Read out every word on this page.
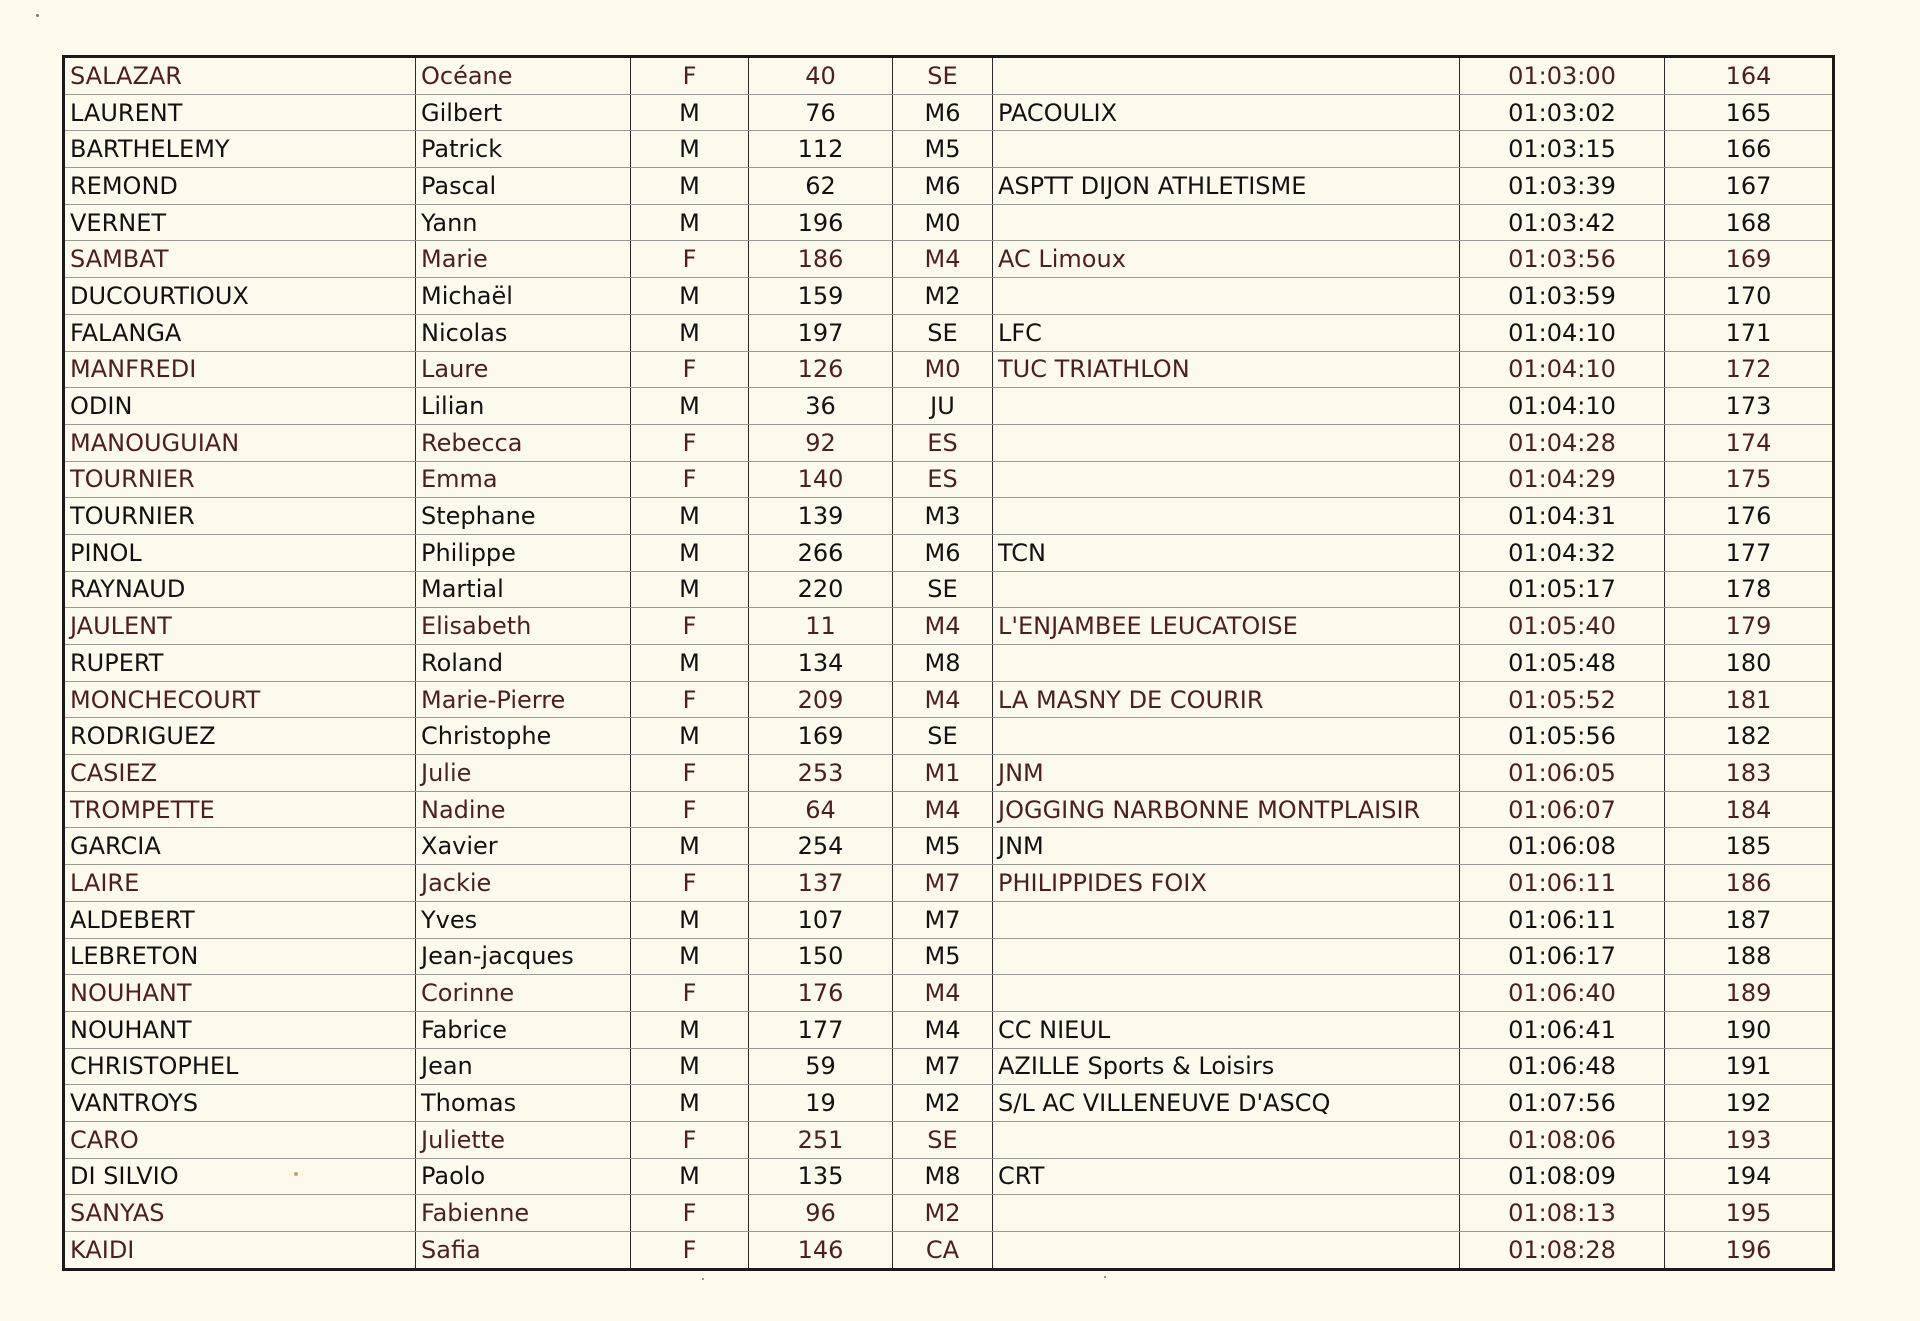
SALAZAR	Océane	F	40	SE		01:03:00	164
LAURENT	Gilbert	M	76	M6	PACOULIX	01:03:02	165
BARTHELEMY	Patrick	M	112	M5		01:03:15	166
REMOND	Pascal	M	62	M6	ASPTT DIJON ATHLETISME	01:03:39	167
VERNET	Yann	M	196	M0		01:03:42	168
SAMBAT	Marie	F	186	M4	AC Limoux	01:03:56	169
DUCOURTIOUX	Michaël	M	159	M2		01:03:59	170
FALANGA	Nicolas	M	197	SE	LFC	01:04:10	171
MANFREDI	Laure	F	126	M0	TUC TRIATHLON	01:04:10	172
ODIN	Lilian	M	36	JU		01:04:10	173
MANOUGUIAN	Rebecca	F	92	ES		01:04:28	174
TOURNIER	Emma	F	140	ES		01:04:29	175
TOURNIER	Stephane	M	139	M3		01:04:31	176
PINOL	Philippe	M	266	M6	TCN	01:04:32	177
RAYNAUD	Martial	M	220	SE		01:05:17	178
JAULENT	Elisabeth	F	11	M4	L'ENJAMBEE LEUCATOISE	01:05:40	179
RUPERT	Roland	M	134	M8		01:05:48	180
MONCHECOURT	Marie-Pierre	F	209	M4	LA MASNY DE COURIR	01:05:52	181
RODRIGUEZ	Christophe	M	169	SE		01:05:56	182
CASIEZ	Julie	F	253	M1	JNM	01:06:05	183
TROMPETTE	Nadine	F	64	M4	JOGGING NARBONNE MONTPLAISIR	01:06:07	184
GARCIA	Xavier	M	254	M5	JNM	01:06:08	185
LAIRE	Jackie	F	137	M7	PHILIPPIDES FOIX	01:06:11	186
ALDEBERT	Yves	M	107	M7		01:06:11	187
LEBRETON	Jean-jacques	M	150	M5		01:06:17	188
NOUHANT	Corinne	F	176	M4		01:06:40	189
NOUHANT	Fabrice	M	177	M4	CC NIEUL	01:06:41	190
CHRISTOPHEL	Jean	M	59	M7	AZILLE Sports & Loisirs	01:06:48	191
VANTROYS	Thomas	M	19	M2	S/L AC VILLENEUVE D'ASCQ	01:07:56	192
CARO	Juliette	F	251	SE		01:08:06	193
DI SILVIO	Paolo	M	135	M8	CRT	01:08:09	194
SANYAS	Fabienne	F	96	M2		01:08:13	195
KAIDI	Safia	F	146	CA		01:08:28	196
